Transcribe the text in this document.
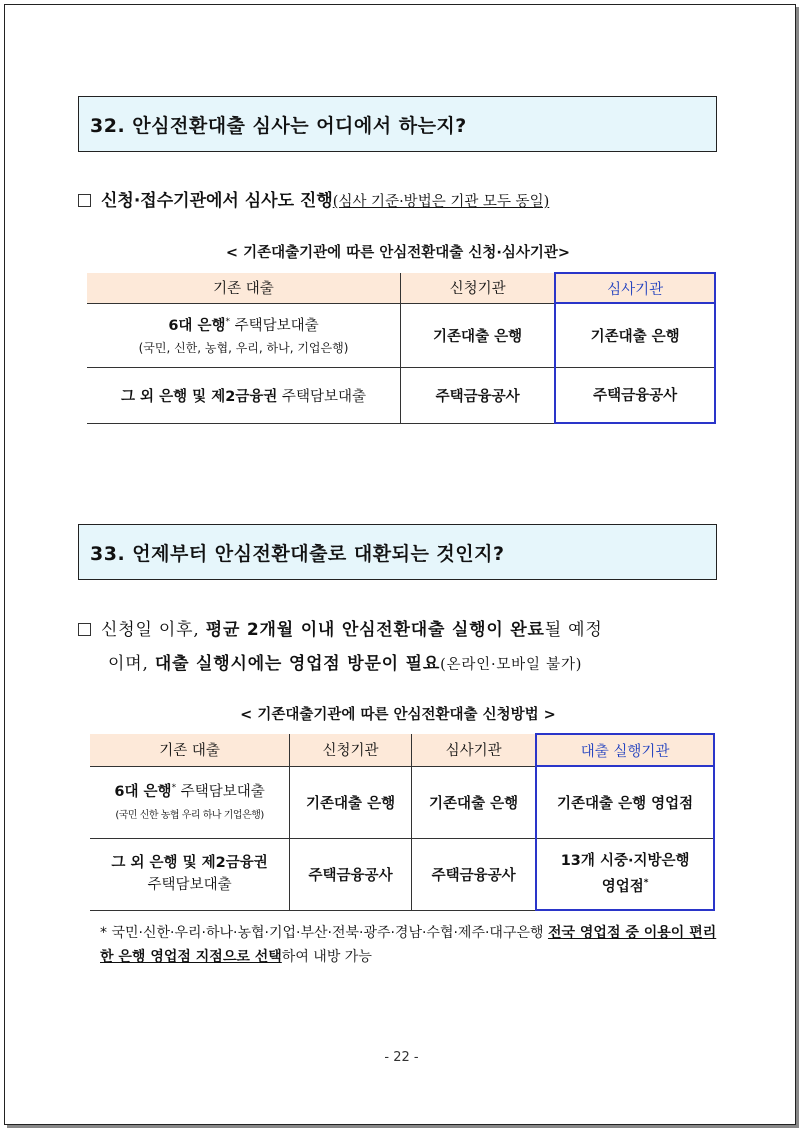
32. 안심전환대출 심사는 어디에서 하는지?
신청·접수기관에서 심사도 진행(심사 기준·방법은 기관 모두 동일)
< 기존대출기관에 따른 안심전환대출 신청·심사기관>
기존 대출	신청기관	심사기관
6대 은행* 주택담보대출
(국민, 신한, 농협, 우리, 하나, 기업은행)	기존대출 은행	기존대출 은행
그 외 은행 및 제2금융권 주택담보대출	주택금융공사	주택금융공사
33. 언제부터 안심전환대출로 대환되는 것인지?
신청일 이후, 평균 2개월 이내 안심전환대출 실행이 완료될 예정
이며, 대출 실행시에는 영업점 방문이 필요(온라인·모바일 불가)
< 기존대출기관에 따른 안심전환대출 신청방법 >
기존 대출	신청기관	심사기관	대출 실행기관
6대 은행* 주택담보대출
(국민 신한 농협 우리 하나 기업은행)	기존대출 은행	기존대출 은행	기존대출 은행 영업점
그 외 은행 및 제2금융권
주택담보대출	주택금융공사	주택금융공사	13개 시중·지방은행
영업점*
* 국민·신한·우리·하나·농협·기업·부산·전북·광주·경남·수협·제주·대구은행 전국 영업점 중 이용이 편리한 은행 영업점 지점으로 선택하여 내방 가능
- 22 -
